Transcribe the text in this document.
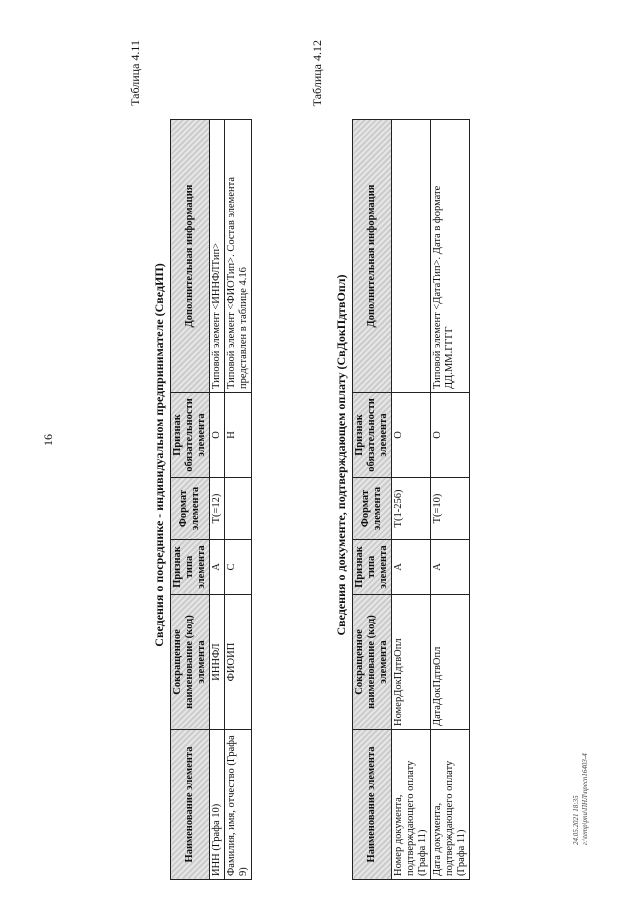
16
Таблица 4.11
Сведения о посреднике - индивидуальном предпринимателе (СведИП)
Наименование элемента	Сокращенное наименование (код) элемента	Признак типа элемента	Формат элемента	Признак обязательности элемента	Дополнительная информация
ИНН (Графа 10)	ИННФЛ	А	T(=12)	О	Типовой элемент <ИННФЛТип>
Фамилия, имя, отчество (Графа 9)	ФИОИП	С		Н	Типовой элемент <ФИОТип>. Состав элемента представлен в таблице 4.16
Таблица 4.12
Сведения о документе, подтверждающем оплату (СвДокПдтвОпл)
Наименование элемента	Сокращенное наименование (код) элемента	Признак типа элемента	Формат элемента	Признак обязательности элемента	Дополнительная информация
Номер документа, подтверждающего оплату (Графа 11)	НомерДокПдтвОпл	А	T(1-256)	О	
Дата документа, подтверждающего оплату (Графа 11)	ДатаДокПдтвОпл	А	T(=10)	О	Типовой элемент <ДатаТип>. Дата в формате ДД.ММ.ГГГГ
24.05.2021 18:35 г:\temp\pnu\ПНЛ\пресп16403-4
